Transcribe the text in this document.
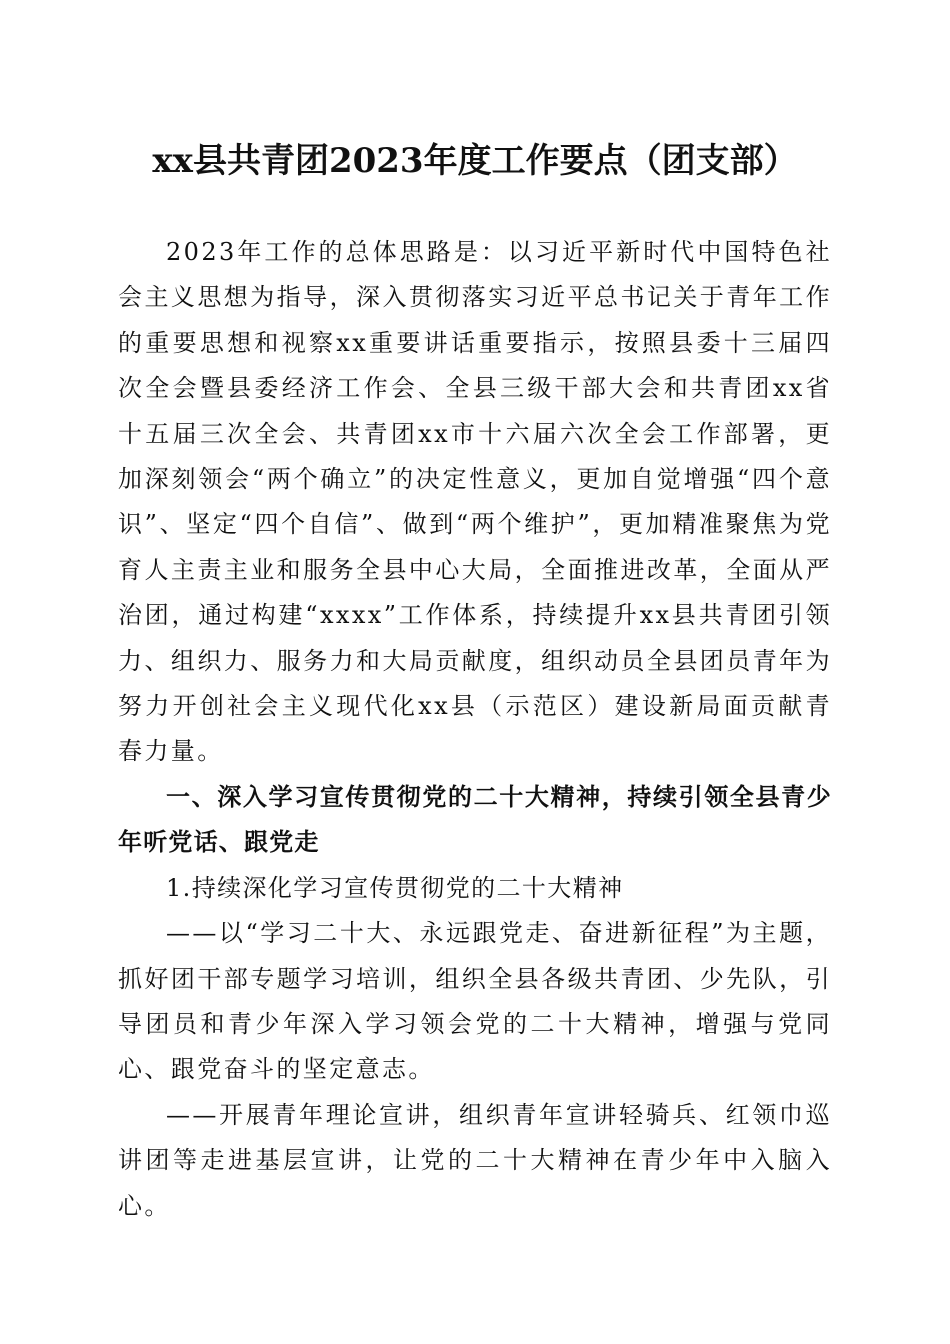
xx县共青团2023年度工作要点（团支部）

2023年工作的总体思路是：以习近平新时代中国特色社会主义思想为指导，深入贯彻落实习近平总书记关于青年工作的重要思想和视察xx重要讲话重要指示，按照县委十三届四次全会暨县委经济工作会、全县三级干部大会和共青团xx省十五届三次全会、共青团xx市十六届六次全会工作部署，更加深刻领会“两个确立”的决定性意义，更加自觉增强“四个意识”、坚定“四个自信”、做到“两个维护”，更加精准聚焦为党育人主责主业和服务全县中心大局，全面推进改革，全面从严治团，通过构建“xxxx”工作体系，持续提升xx县共青团引领力、组织力、服务力和大局贡献度，组织动员全县团员青年为努力开创社会主义现代化xx县（示范区）建设新局面贡献青春力量。

一、深入学习宣传贯彻党的二十大精神，持续引领全县青少年听党话、跟党走

1.持续深化学习宣传贯彻党的二十大精神

——以“学习二十大、永远跟党走、奋进新征程”为主题，抓好团干部专题学习培训，组织全县各级共青团、少先队，引导团员和青少年深入学习领会党的二十大精神，增强与党同心、跟党奋斗的坚定意志。

——开展青年理论宣讲，组织青年宣讲轻骑兵、红领巾巡讲团等走进基层宣讲，让党的二十大精神在青少年中入脑入心。
